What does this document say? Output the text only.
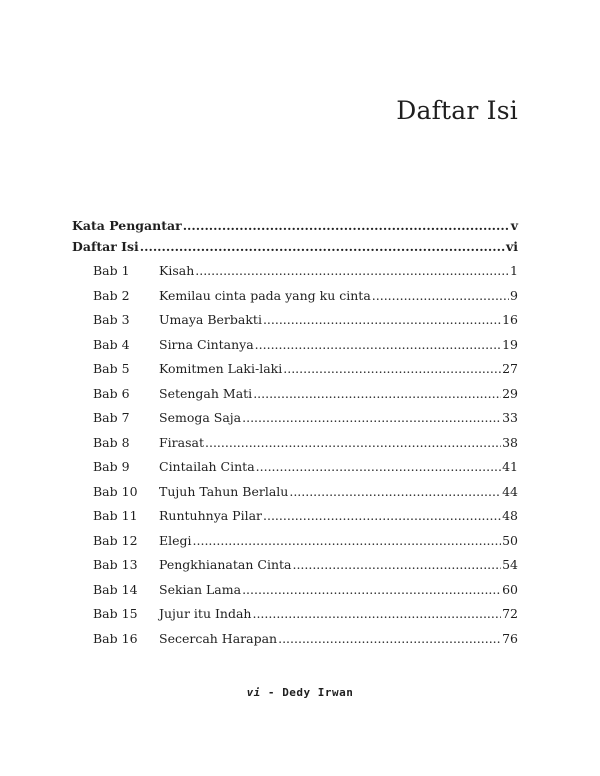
Daftar Isi
Kata Pengantar .....	v
Daftar Isi .....	vi
Bab 1	Kisah .....	1
Bab 2	Kemilau cinta pada yang ku cinta .....	9
Bab 3	Umaya Berbakti .....	16
Bab 4	Sirna Cintanya .....	19
Bab 5	Komitmen Laki-laki .....	27
Bab 6	Setengah Mati .....	29
Bab 7	Semoga Saja .....	33
Bab 8	Firasat .....	38
Bab 9	Cintailah Cinta .....	41
Bab 10	Tujuh Tahun Berlalu .....	44
Bab 11	Runtuhnya Pilar .....	48
Bab 12	Elegi .....	50
Bab 13	Pengkhianatan Cinta .....	54
Bab 14	Sekian Lama .....	60
Bab 15	Jujur itu Indah .....	72
Bab 16	Secercah Harapan .....	76
vi - Dedy Irwan
